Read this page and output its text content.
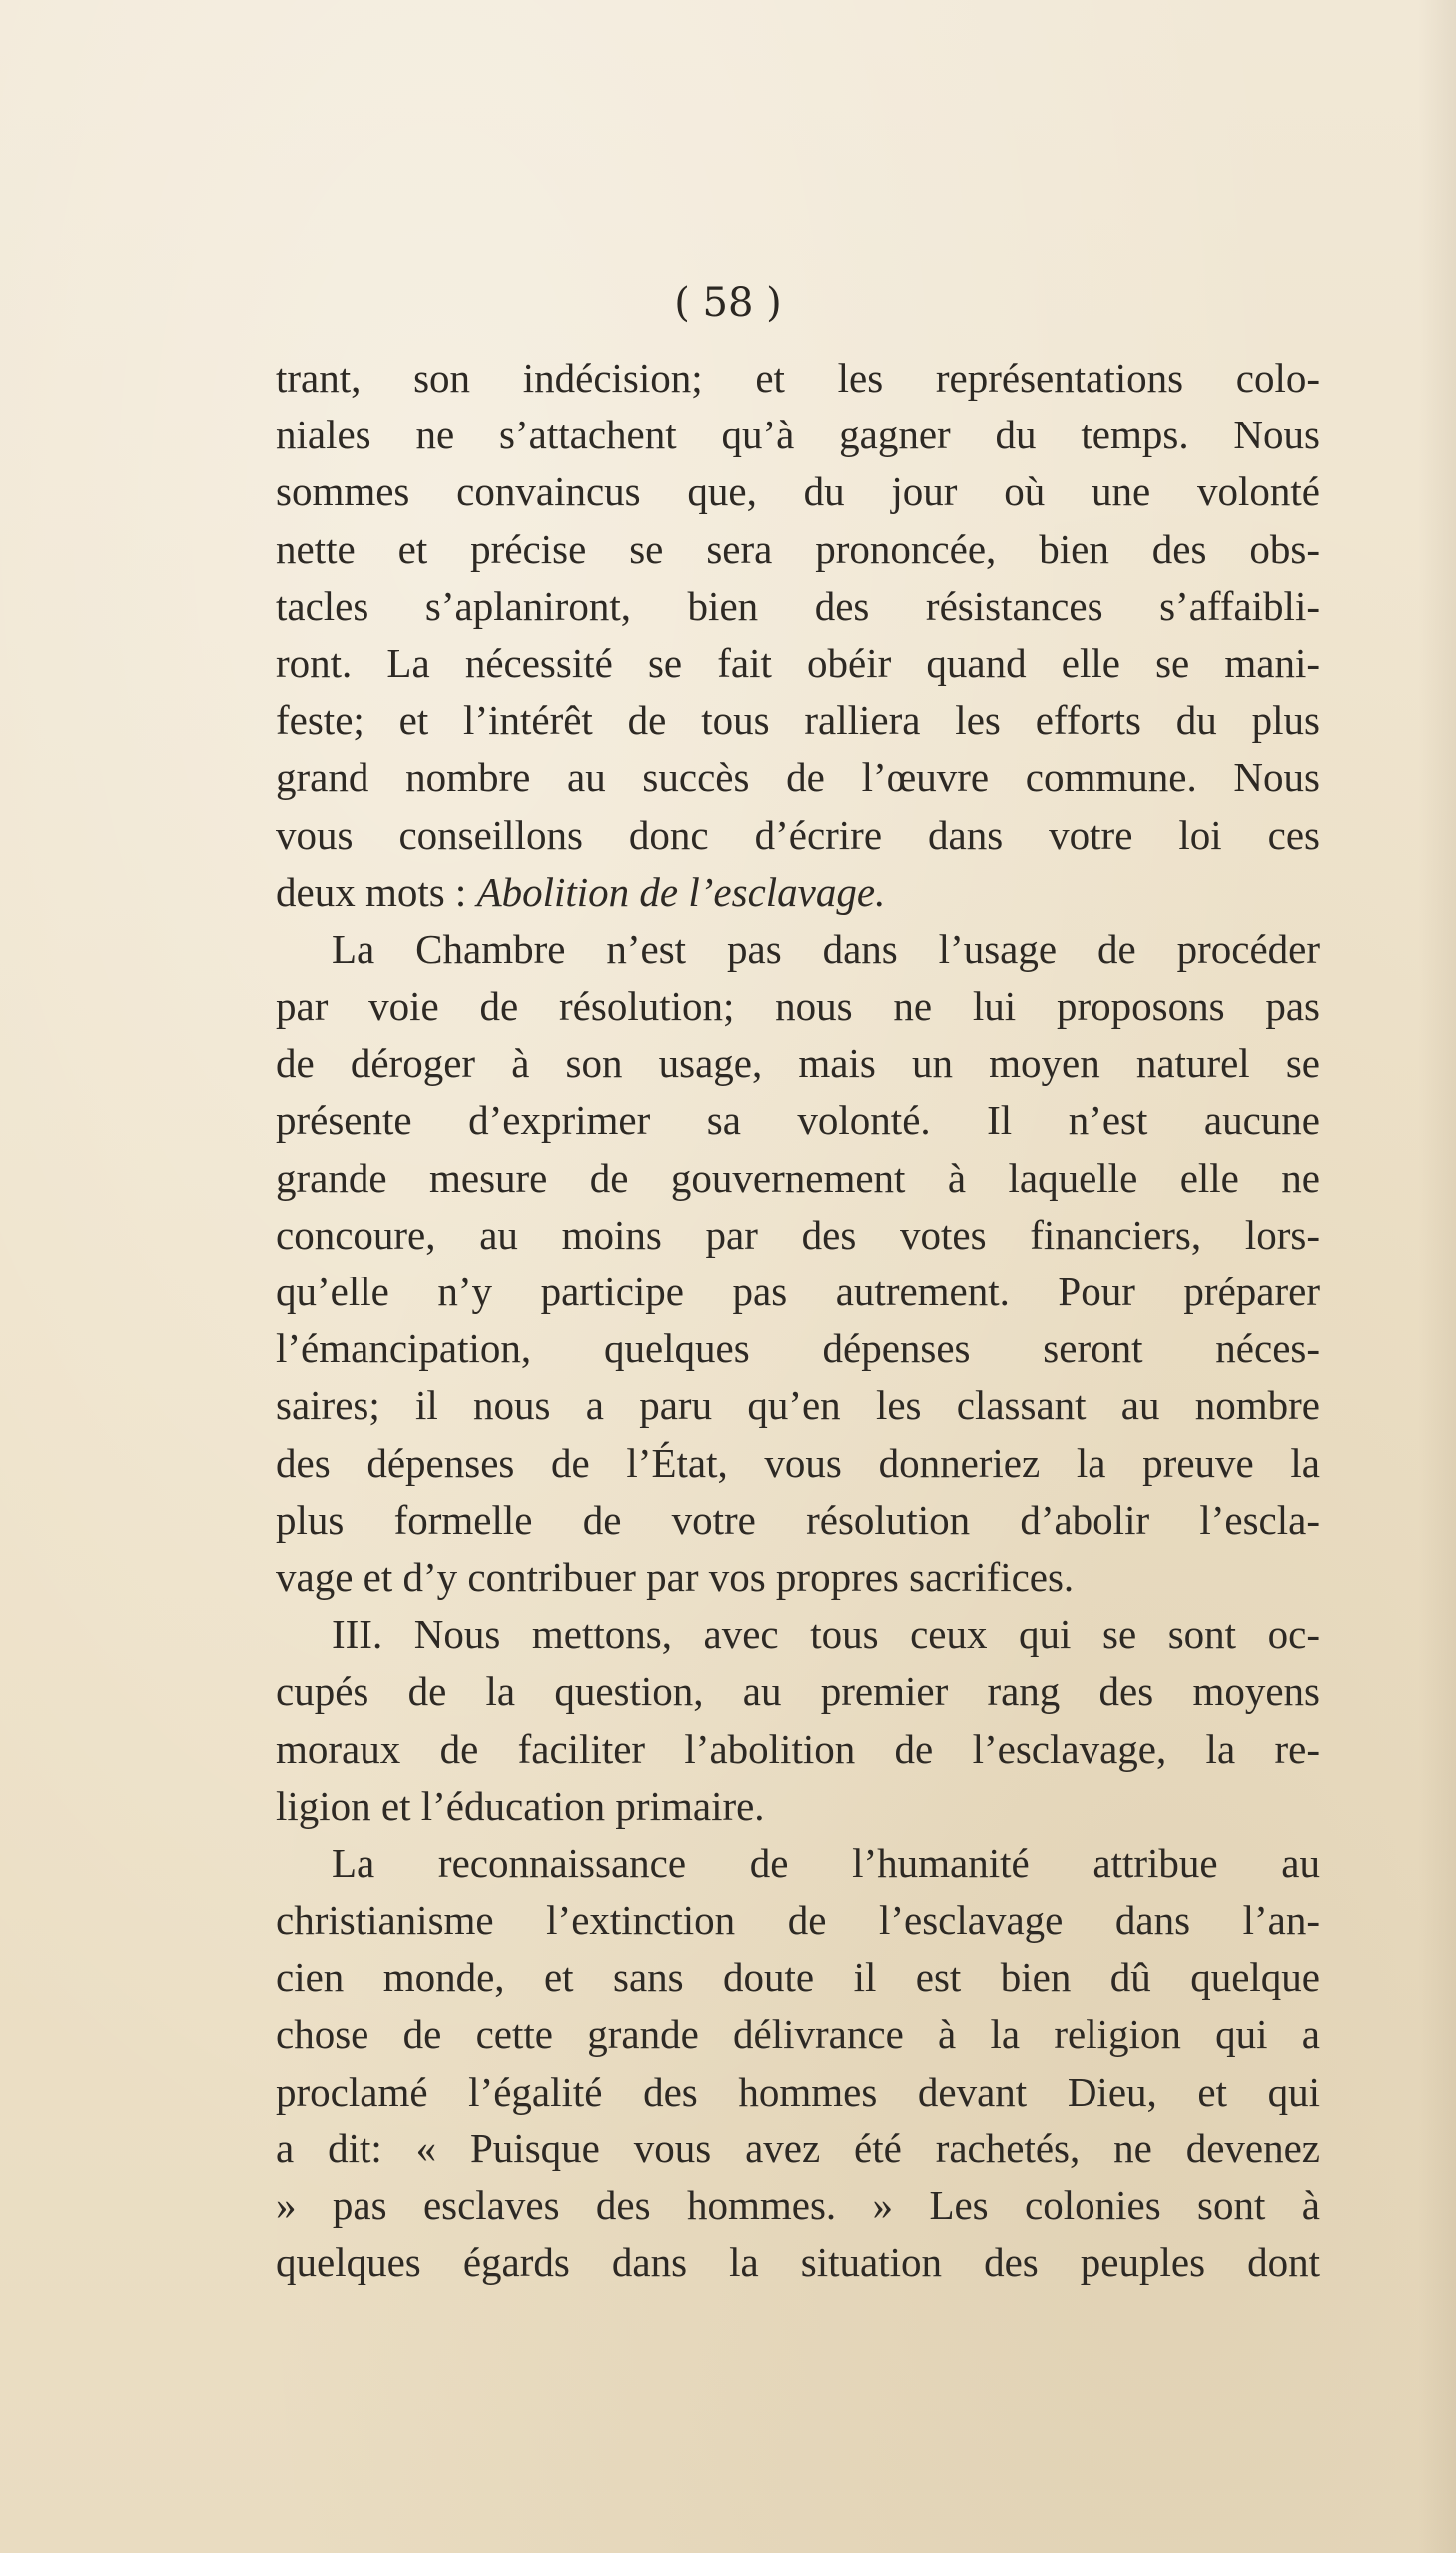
( 58 )
trant, son indécision; et les représentations colo-
niales ne s’attachent qu’à gagner du temps. Nous
sommes convaincus que, du jour où une volonté
nette et précise se sera prononcée, bien des obs-
tacles s’aplaniront, bien des résistances s’affaibli-
ront. La nécessité se fait obéir quand elle se mani-
feste; et l’intérêt de tous ralliera les efforts du plus
grand nombre au succès de l’œuvre commune. Nous
vous conseillons donc d’écrire dans votre loi ces
deux mots : Abolition de l’esclavage.
La Chambre n’est pas dans l’usage de procéder
par voie de résolution; nous ne lui proposons pas
de déroger à son usage, mais un moyen naturel se
présente d’exprimer sa volonté. Il n’est aucune
grande mesure de gouvernement à laquelle elle ne
concoure, au moins par des votes financiers, lors-
qu’elle n’y participe pas autrement. Pour préparer
l’émancipation, quelques dépenses seront néces-
saires; il nous a paru qu’en les classant au nombre
des dépenses de l’État, vous donneriez la preuve la
plus formelle de votre résolution d’abolir l’escla-
vage et d’y contribuer par vos propres sacrifices.
III. Nous mettons, avec tous ceux qui se sont oc-
cupés de la question, au premier rang des moyens
moraux de faciliter l’abolition de l’esclavage, la re-
ligion et l’éducation primaire.
La reconnaissance de l’humanité attribue au
christianisme l’extinction de l’esclavage dans l’an-
cien monde, et sans doute il est bien dû quelque
chose de cette grande délivrance à la religion qui a
proclamé l’égalité des hommes devant Dieu, et qui
a dit: « Puisque vous avez été rachetés, ne devenez
» pas esclaves des hommes. » Les colonies sont à
quelques égards dans la situation des peuples dont
